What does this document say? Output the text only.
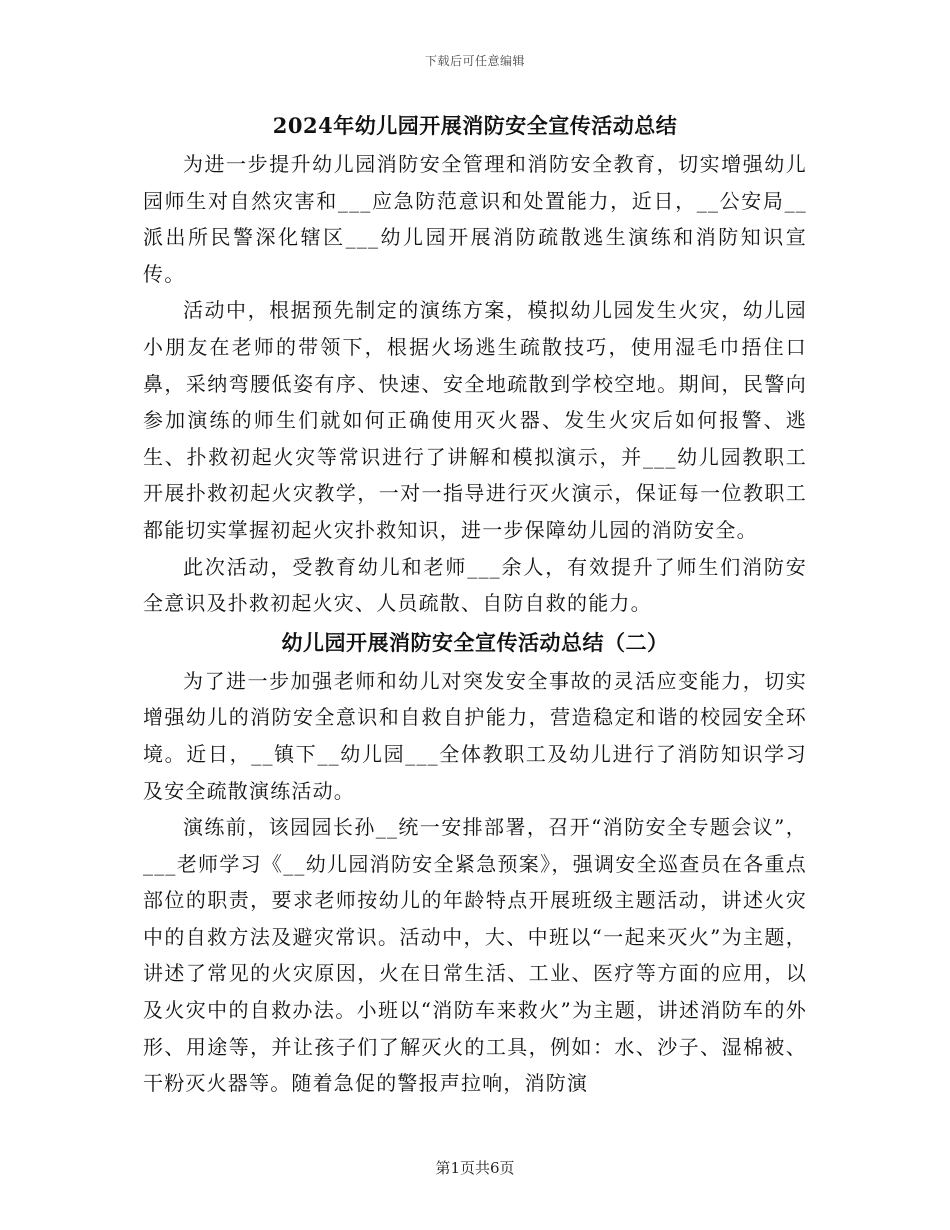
下载后可任意编辑
2024年幼儿园开展消防安全宣传活动总结

为进一步提升幼儿园消防安全管理和消防安全教育，切实增强幼儿园师生对自然灾害和___应急防范意识和处置能力，近日，__公安局__派出所民警深化辖区___幼儿园开展消防疏散逃生演练和消防知识宣传。

活动中，根据预先制定的演练方案，模拟幼儿园发生火灾，幼儿园小朋友在老师的带领下，根据火场逃生疏散技巧，使用湿毛巾捂住口鼻，采纳弯腰低姿有序、快速、安全地疏散到学校空地。期间，民警向参加演练的师生们就如何正确使用灭火器、发生火灾后如何报警、逃生、扑救初起火灾等常识进行了讲解和模拟演示，并___幼儿园教职工开展扑救初起火灾教学，一对一指导进行灭火演示，保证每一位教职工都能切实掌握初起火灾扑救知识，进一步保障幼儿园的消防安全。

此次活动，受教育幼儿和老师___余人，有效提升了师生们消防安全意识及扑救初起火灾、人员疏散、自防自救的能力。

幼儿园开展消防安全宣传活动总结（二）

为了进一步加强老师和幼儿对突发安全事故的灵活应变能力，切实增强幼儿的消防安全意识和自救自护能力，营造稳定和谐的校园安全环境。近日，__镇下__幼儿园___全体教职工及幼儿进行了消防知识学习及安全疏散演练活动。

演练前，该园园长孙__统一安排部署，召开“消防安全专题会议”，___老师学习《__幼儿园消防安全紧急预案》，强调安全巡查员在各重点部位的职责，要求老师按幼儿的年龄特点开展班级主题活动，讲述火灾中的自救方法及避灾常识。活动中，大、中班以“一起来灭火”为主题，讲述了常见的火灾原因，火在日常生活、工业、医疗等方面的应用，以及火灾中的自救办法。小班以“消防车来救火”为主题，讲述消防车的外形、用途等，并让孩子们了解灭火的工具，例如：水、沙子、湿棉被、干粉灭火器等。随着急促的警报声拉响，消防演

第1页共6页
